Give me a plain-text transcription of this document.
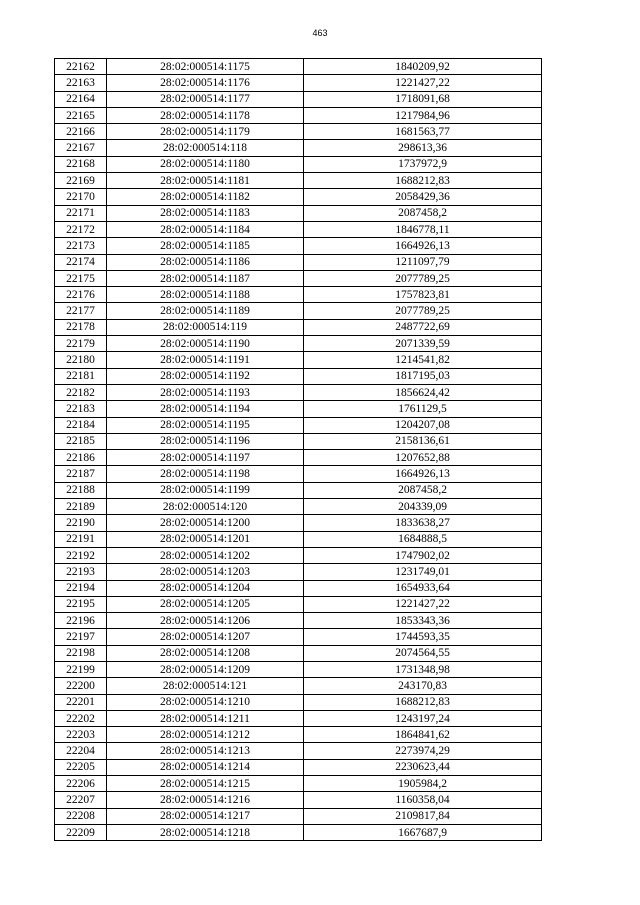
463
22162	28:02:000514:1175	1840209,92
22163	28:02:000514:1176	1221427,22
22164	28:02:000514:1177	1718091,68
22165	28:02:000514:1178	1217984,96
22166	28:02:000514:1179	1681563,77
22167	28:02:000514:118	298613,36
22168	28:02:000514:1180	1737972,9
22169	28:02:000514:1181	1688212,83
22170	28:02:000514:1182	2058429,36
22171	28:02:000514:1183	2087458,2
22172	28:02:000514:1184	1846778,11
22173	28:02:000514:1185	1664926,13
22174	28:02:000514:1186	1211097,79
22175	28:02:000514:1187	2077789,25
22176	28:02:000514:1188	1757823,81
22177	28:02:000514:1189	2077789,25
22178	28:02:000514:119	2487722,69
22179	28:02:000514:1190	2071339,59
22180	28:02:000514:1191	1214541,82
22181	28:02:000514:1192	1817195,03
22182	28:02:000514:1193	1856624,42
22183	28:02:000514:1194	1761129,5
22184	28:02:000514:1195	1204207,08
22185	28:02:000514:1196	2158136,61
22186	28:02:000514:1197	1207652,88
22187	28:02:000514:1198	1664926,13
22188	28:02:000514:1199	2087458,2
22189	28:02:000514:120	204339,09
22190	28:02:000514:1200	1833638,27
22191	28:02:000514:1201	1684888,5
22192	28:02:000514:1202	1747902,02
22193	28:02:000514:1203	1231749,01
22194	28:02:000514:1204	1654933,64
22195	28:02:000514:1205	1221427,22
22196	28:02:000514:1206	1853343,36
22197	28:02:000514:1207	1744593,35
22198	28:02:000514:1208	2074564,55
22199	28:02:000514:1209	1731348,98
22200	28:02:000514:121	243170,83
22201	28:02:000514:1210	1688212,83
22202	28:02:000514:1211	1243197,24
22203	28:02:000514:1212	1864841,62
22204	28:02:000514:1213	2273974,29
22205	28:02:000514:1214	2230623,44
22206	28:02:000514:1215	1905984,2
22207	28:02:000514:1216	1160358,04
22208	28:02:000514:1217	2109817,84
22209	28:02:000514:1218	1667687,9
